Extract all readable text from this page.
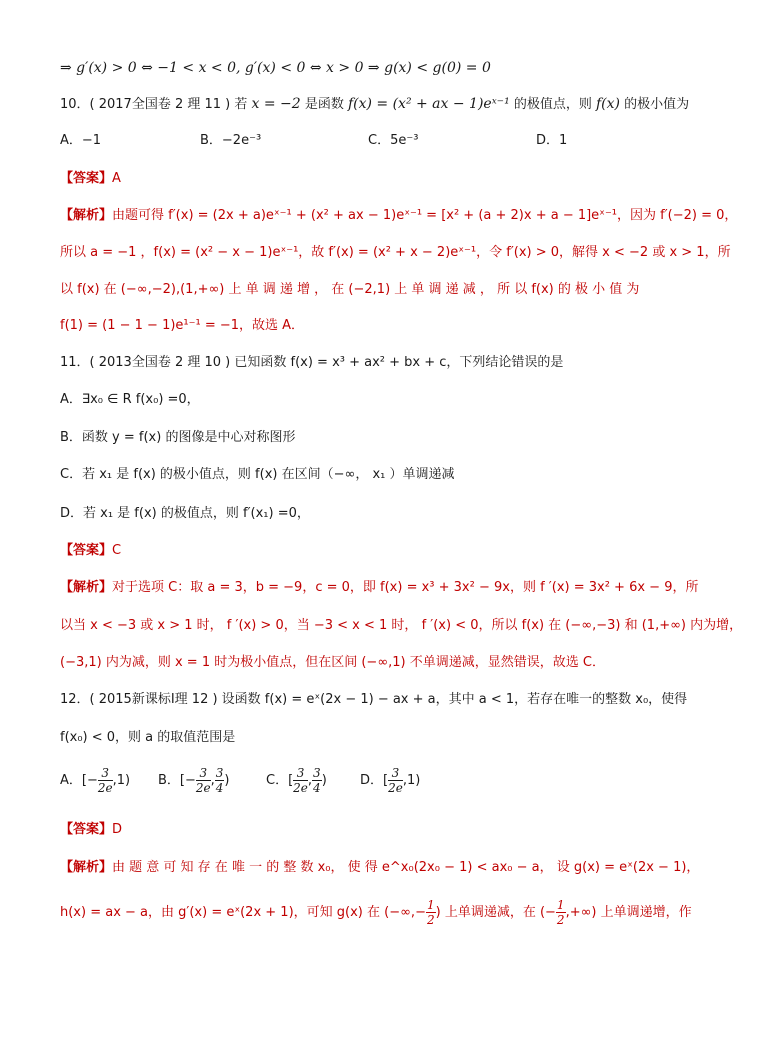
⇒ g′(x) > 0 ⇔ −1 < x < 0, g′(x) < 0 ⇔ x > 0 ⇒ g(x) < g(0) = 0
10．( 2017全国卷 2 理 11 ) 若 x = −2 是函数 f(x) = (x² + ax − 1)eˣ⁻¹ 的极值点，则 f(x) 的极小值为
A．−1	B．−2e⁻³	C．5e⁻³	D．1
【答案】A
【解析】由题可得 f′(x) = (2x + a)eˣ⁻¹ + (x² + ax − 1)eˣ⁻¹ = [x² + (a + 2)x + a − 1]eˣ⁻¹，因为 f′(−2) = 0，
所以 a = −1 ，f(x) = (x² − x − 1)eˣ⁻¹，故 f′(x) = (x² + x − 2)eˣ⁻¹，令 f′(x) > 0，解得 x < −2 或 x > 1，所
以 f(x) 在 (−∞,−2),(1,+∞) 上 单 调 递 增 ， 在 (−2,1) 上 单 调 递 减 ， 所 以 f(x) 的 极 小 值 为
f(1) = (1 − 1 − 1)e¹⁻¹ = −1，故选 A．
11．( 2013全国卷 2 理 10 ) 已知函数 f(x) = x³ + ax² + bx + c，下列结论错误的是
A．∃x₀ ∈ R f(x₀) =0，
B．函数 y = f(x) 的图像是中心对称图形
C．若 x₁ 是 f(x) 的极小值点，则 f(x) 在区间（−∞， x₁ ）单调递减
D．若 x₁ 是 f(x) 的极值点，则 f′(x₁) =0，
【答案】C
【解析】对于选项 C：取 a = 3，b = −9，c = 0，即 f(x) = x³ + 3x² − 9x，则 f ′(x) = 3x² + 6x − 9，所
以当 x < −3 或 x > 1 时， f ′(x) > 0，当 −3 < x < 1 时， f ′(x) < 0，所以 f(x) 在 (−∞,−3) 和 (1,+∞) 内为增，
(−3,1) 内为减，则 x = 1 时为极小值点，但在区间 (−∞,1) 不单调递减，显然错误，故选 C．
12．( 2015新课标Ⅰ理 12 ) 设函数 f(x) = eˣ(2x − 1) − ax + a，其中 a < 1，若存在唯一的整数 x₀，使得
f(x₀) < 0，则 a 的取值范围是
A．[− $\frac{3}{2e} ,1$) B．[− $\frac{3}{2e}$ , $\frac{3}{4}$ )	C．[ $\frac{3}{2e}$ , $\frac{3}{4}$ )	D．[ $\frac{3}{2e} ,1$)
【答案】D
【解析】由 题 意 可 知 存 在 唯 一 的 整 数 x₀， 使 得 e^x₀(2x₀ − 1) < ax₀ − a， 设 g(x) = eˣ(2x − 1)，
h(x) = ax − a，由 g′(x) = eˣ(2x + 1)，可知 g(x) 在 (−∞,− $\frac{1}{2}$ ) 上单调递减，在 (− $\frac{1}{2}$ ,+∞) 上单调递增，作
